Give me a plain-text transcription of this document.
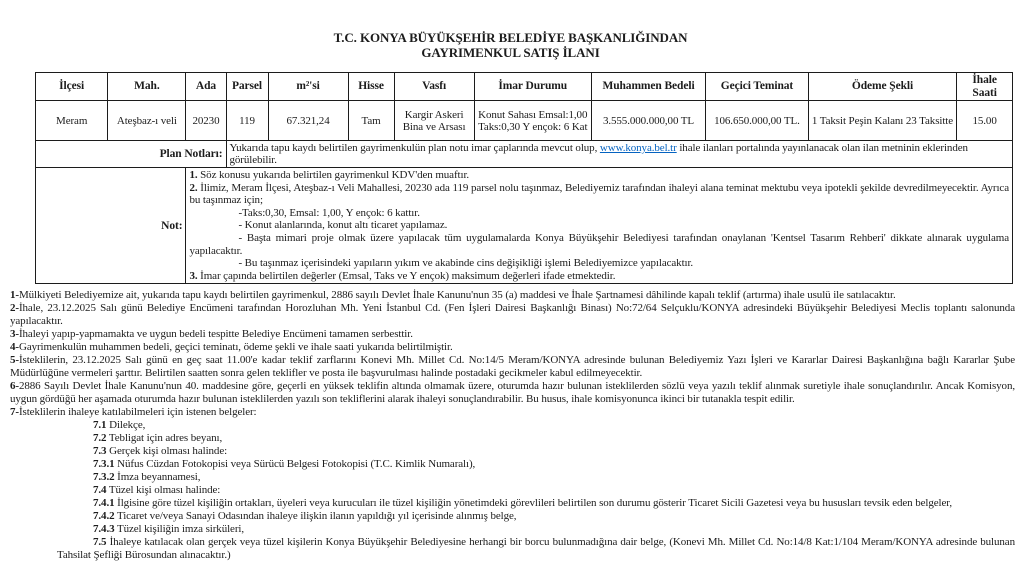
T.C. KONYA BÜYÜKŞEHİR BELEDİYE BAŞKANLIĞINDAN
GAYRIMENKUL SATIŞ İLANI
İlçesi	Mah.	Ada	Parsel	m²'si	Hisse	Vasfı	İmar Durumu	Muhammen Bedeli	Geçici Teminat	Ödeme Şekli	İhale Saati
Meram	Ateşbaz-ı veli	20230	119	67.321,24	Tam	Kargir Askeri Bina ve Arsası	Konut Sahası Emsal:1,00 Taks:0,30 Y ençok: 6 Kat	3.555.000.000,00 TL	106.650.000,00 TL.	1 Taksit Peşin Kalanı 23 Taksitte	15.00
Plan Notları:			Yukarıda tapu kaydı belirtilen gayrimenkulün plan notu imar çaplarında mevcut olup, www.konya.bel.tr ihale ilanları portalında yayınlanacak olan ilan metninin eklerinden görülebilir.								
Not:	

1. Söz konusu yukarıda belirtilen gayrimenkul KDV'den muaftır.

2. İlimiz, Meram İlçesi, Ateşbaz-ı Veli Mahallesi, 20230 ada 119 parsel nolu taşınmaz, Belediyemiz tarafından ihaleyi alana teminat mektubu veya ipotekli şekilde devredilmeyecektir. Ayrıca bu taşınmaz için;

-Taks:0,30, Emsal: 1,00, Y ençok: 6 kattır.

- Konut alanlarında, konut altı ticaret yapılamaz.

- Başta mimari proje olmak üzere yapılacak tüm uygulamalarda Konya Büyükşehir Belediyesi tarafından onaylanan 'Kentsel Tasarım Rehberi' dikkate alınarak uygulama yapılacaktır.

- Bu taşınmaz içerisindeki yapıların yıkım ve akabinde cins değişikliği işlemi Belediyemizce yapılacaktır.

3. İmar çapında belirtilen değerler (Emsal, Taks ve Y ençok) maksimum değerleri ifade etmektedir.

1-Mülkiyeti Belediyemize ait, yukarıda tapu kaydı belirtilen gayrimenkul, 2886 sayılı Devlet İhale Kanunu'nun 35 (a) maddesi ve İhale Şartnamesi dâhilinde kapalı teklif (artırma) ihale usulü ile satılacaktır.

2-İhale, 23.12.2025 Salı günü Belediye Encümeni tarafından Horozluhan Mh. Yeni İstanbul Cd. (Fen İşleri Dairesi Başkanlığı Binası) No:72/64 Selçuklu/KONYA adresindeki Büyükşehir Belediyesi Meclis toplantı salonunda yapılacaktır.

3-İhaleyi yapıp-yapmamakta ve uygun bedeli tespitte Belediye Encümeni tamamen serbesttir.

4-Gayrimenkulün muhammen bedeli, geçici teminatı, ödeme şekli ve ihale saati yukarıda belirtilmiştir.

5-İsteklilerin, 23.12.2025 Salı günü en geç saat 11.00'e kadar teklif zarflarını Konevi Mh. Millet Cd. No:14/5 Meram/KONYA adresinde bulunan Belediyemiz Yazı İşleri ve Kararlar Dairesi Başkanlığına bağlı Kararlar Şube Müdürlüğüne vermeleri şarttır. Belirtilen saatten sonra gelen teklifler ve posta ile başvurulması halinde postadaki gecikmeler kabul edilmeyecektir.

6-2886 Sayılı Devlet İhale Kanunu'nun 40. maddesine göre, geçerli en yüksek teklifin altında olmamak üzere, oturumda hazır bulunan isteklilerden sözlü veya yazılı teklif alınmak suretiyle ihale sonuçlandırılır. Ancak Komisyon, uygun gördüğü her aşamada oturumda hazır bulunan isteklilerden yazılı son tekliflerini alarak ihaleyi sonuçlandırabilir. Bu husus, ihale komisyonunca ikinci bir tutanakla tespit edilir.

7-İsteklilerin ihaleye katılabilmeleri için istenen belgeler:

7.1 Dilekçe,

7.2 Tebligat için adres beyanı,

7.3 Gerçek kişi olması halinde:

7.3.1 Nüfus Cüzdan Fotokopisi veya Sürücü Belgesi Fotokopisi (T.C. Kimlik Numaralı),

7.3.2 İmza beyannamesi,

7.4 Tüzel kişi olması halinde:

7.4.1 İlgisine göre tüzel kişiliğin ortakları, üyeleri veya kurucuları ile tüzel kişiliğin yönetimdeki görevlileri belirtilen son durumu gösterir Ticaret Sicili Gazetesi veya bu hususları tevsik eden belgeler,

7.4.2 Ticaret ve/veya Sanayi Odasından ihaleye ilişkin ilanın yapıldığı yıl içerisinde alınmış belge,

7.4.3 Tüzel kişiliğin imza sirküleri,

7.5 İhaleye katılacak olan gerçek veya tüzel kişilerin Konya Büyükşehir Belediyesine herhangi bir borcu bulunmadığına dair belge, (Konevi Mh. Millet Cd. No:14/8 Kat:1/104 Meram/KONYA adresinde bulunan Tahsilat Şefliği Bürosundan alınacaktır.)
